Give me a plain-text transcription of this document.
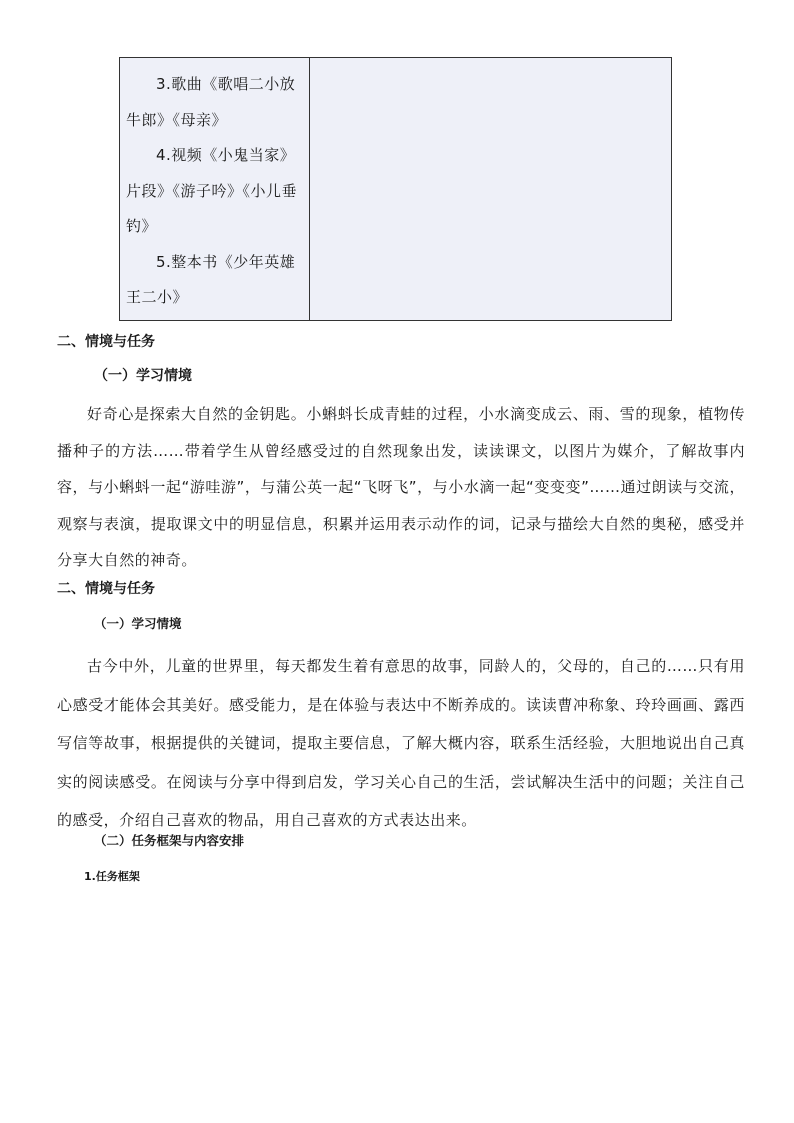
3.歌曲《歌唱二小放牛郎》《母亲》

4.视频《小鬼当家》片段》《游子吟》《小儿垂钓》

5.整本书《少年英雄王二小》

二、情境与任务
（一）学习情境

好奇心是探索大自然的金钥匙。小蝌蚪长成青蛙的过程，小水滴变成云、雨、雪的现象，植物传播种子的方法……带着学生从曾经感受过的自然现象出发，读读课文，以图片为媒介，了解故事内容，与小蝌蚪一起“游哇游”，与蒲公英一起“飞呀飞”，与小水滴一起“变变变”……通过朗读与交流，观察与表演，提取课文中的明显信息，积累并运用表示动作的词，记录与描绘大自然的奥秘，感受并分享大自然的神奇。

二、情境与任务
（一）学习情境

古今中外，儿童的世界里，每天都发生着有意思的故事，同龄人的，父母的，自己的……只有用心感受才能体会其美好。感受能力，是在体验与表达中不断养成的。读读曹冲称象、玲玲画画、露西写信等故事，根据提供的关键词，提取主要信息，了解大概内容，联系生活经验，大胆地说出自己真实的阅读感受。在阅读与分享中得到启发，学习关心自己的生活，尝试解决生活中的问题；关注自己的感受，介绍自己喜欢的物品，用自己喜欢的方式表达出来。

（二）任务框架与内容安排
1.任务框架
